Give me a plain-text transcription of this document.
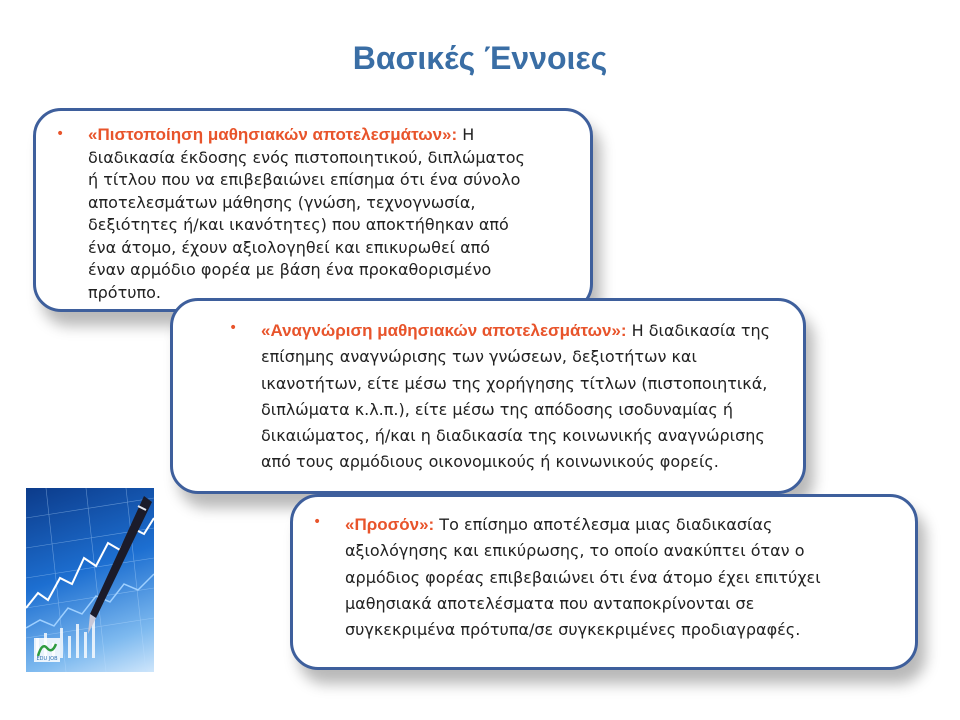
Βασικές Έννοιες
•	«Πιστοποίηση μαθησιακών αποτελεσμάτων»: Η
διαδικασία έκδοσης ενός πιστοποιητικού, διπλώματος
ή τίτλου που να επιβεβαιώνει επίσημα ότι ένα σύνολο
αποτελεσμάτων μάθησης (γνώση, τεχνογνωσία,
δεξιότητες ή/και ικανότητες) που αποκτήθηκαν από
ένα άτομο, έχουν αξιολογηθεί και επικυρωθεί από
έναν αρμόδιο φορέα με βάση ένα προκαθορισμένο
πρότυπο.
•	«Αναγνώριση μαθησιακών αποτελεσμάτων»: Η διαδικασία της
επίσημης αναγνώρισης των γνώσεων, δεξιοτήτων και
ικανοτήτων, είτε μέσω της χορήγησης τίτλων (πιστοποιητικά,
διπλώματα κ.λ.π.), είτε μέσω της απόδοσης ισοδυναμίας ή
δικαιώματος, ή/και η διαδικασία της κοινωνικής αναγνώρισης
από τους αρμόδιους οικονομικούς ή κοινωνικούς φορείς.
EDU JOB
•	«Προσόν»: Το επίσημο αποτέλεσμα μιας διαδικασίας
αξιολόγησης και επικύρωσης, το οποίο ανακύπτει όταν ο
αρμόδιος φορέας επιβεβαιώνει ότι ένα άτομο έχει επιτύχει
μαθησιακά αποτελέσματα που ανταποκρίνονται σε
συγκεκριμένα πρότυπα/σε συγκεκριμένες προδιαγραφές.
